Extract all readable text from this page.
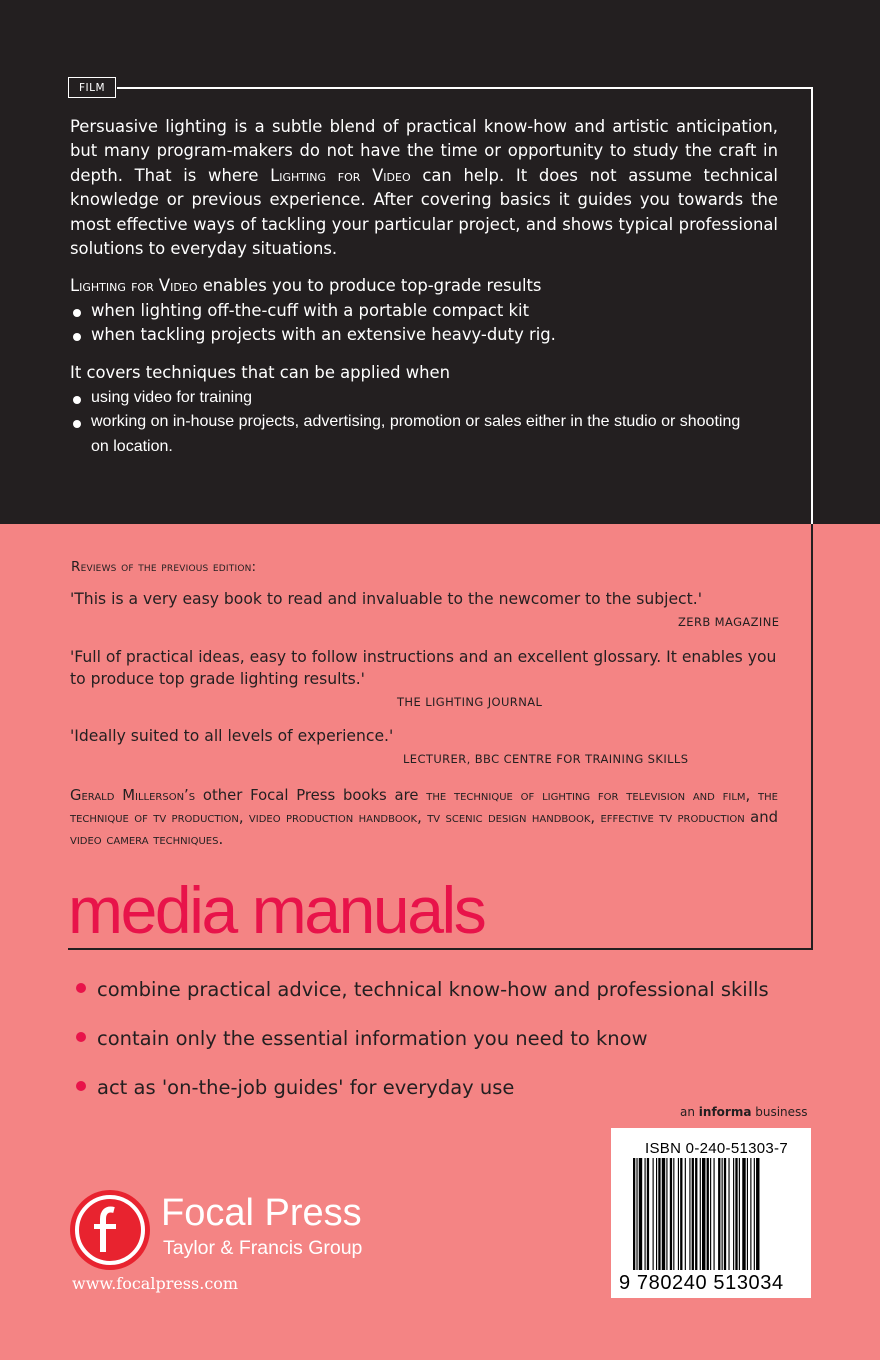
FILM

Persuasive lighting is a subtle blend of practical know-how and artistic anticipation, but many program-makers do not have the time or opportunity to study the craft in depth. That is where Lighting for Video can help. It does not assume technical knowledge or previous experience. After covering basics it guides you towards the most effective ways of tackling your particular project, and shows typical professional solutions to everyday situations.

Lighting for Video enables you to produce top-grade results

when lighting off-the-cuff with a portable compact kit
when tackling projects with an extensive heavy-duty rig.

It covers techniques that can be applied when

using video for training
working on in-house projects, advertising, promotion or sales either in the studio or shooting on location.
Reviews of the previous edition:

'This is a very easy book to read and invaluable to the newcomer to the subject.'

ZERB MAGAZINE

'Full of practical ideas, easy to follow instructions and an excellent glossary. It enables you to produce top grade lighting results.'

THE LIGHTING JOURNAL

'Ideally suited to all levels of experience.'

LECTURER, BBC CENTRE FOR TRAINING SKILLS

Gerald Millerson’s other Focal Press books are the technique of lighting for television and film, the technique of tv production, video production handbook, tv scenic design handbook, effective tv production and video camera techniques.

media manuals

combine practical advice, technical know-how and professional skills
contain only the essential information you need to know
act as 'on-the-job guides' for everyday use
an informa business
ISBN 0-240-51303-7
9 780240 513034
Focal Press
Taylor & Francis Group
www.focalpress.com
